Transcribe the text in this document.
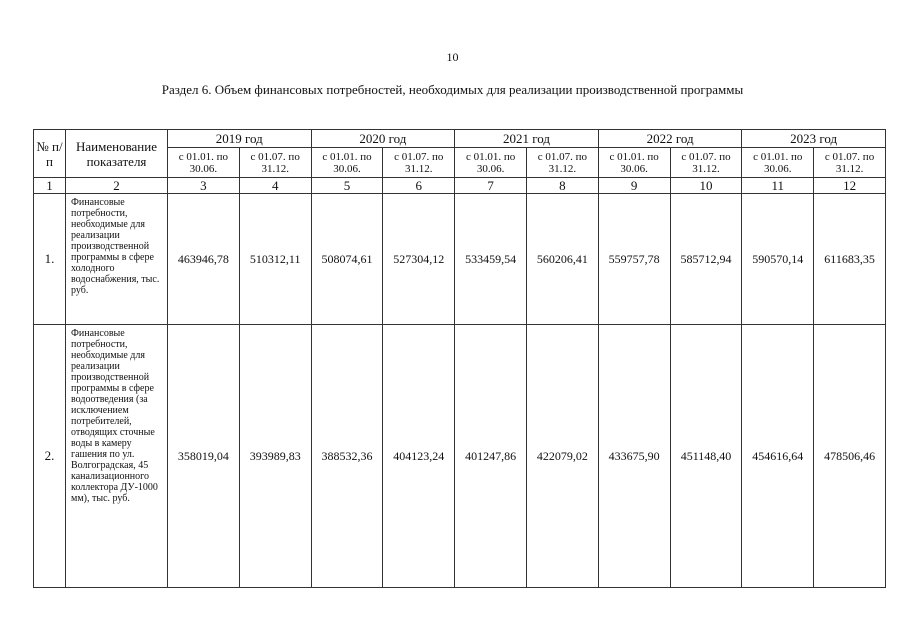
10
Раздел 6. Объем финансовых потребностей, необходимых для реализации производственной программы
№ п/п	Наименование показателя	2019 год		2020 год		2021 год		2022 год		2023 год	
		с 01.01. по 30.06.	с 01.07. по 31.12.	с 01.01. по 30.06.	с 01.07. по 31.12.	с 01.01. по 30.06.	с 01.07. по 31.12.	с 01.01. по 30.06.	с 01.07. по 31.12.	с 01.01. по 30.06.	с 01.07. по 31.12.
1	2	3	4	5	6	7	8	9	10	11	12
1.	Финансовые потребности, необходимые для реализации производственной программы в сфере холодного водоснабжения, тыс. руб.	463946,78	510312,11	508074,61	527304,12	533459,54	560206,41	559757,78	585712,94	590570,14	611683,35
2.	Финансовые потребности, необходимые для реализации производственной программы в сфере водоотведения (за исключением потребителей, отводящих сточные воды в камеру гашения по ул. Волгоградская, 45 канализационного коллектора ДУ-1000 мм), тыс. руб.	358019,04	393989,83	388532,36	404123,24	401247,86	422079,02	433675,90	451148,40	454616,64	478506,46
